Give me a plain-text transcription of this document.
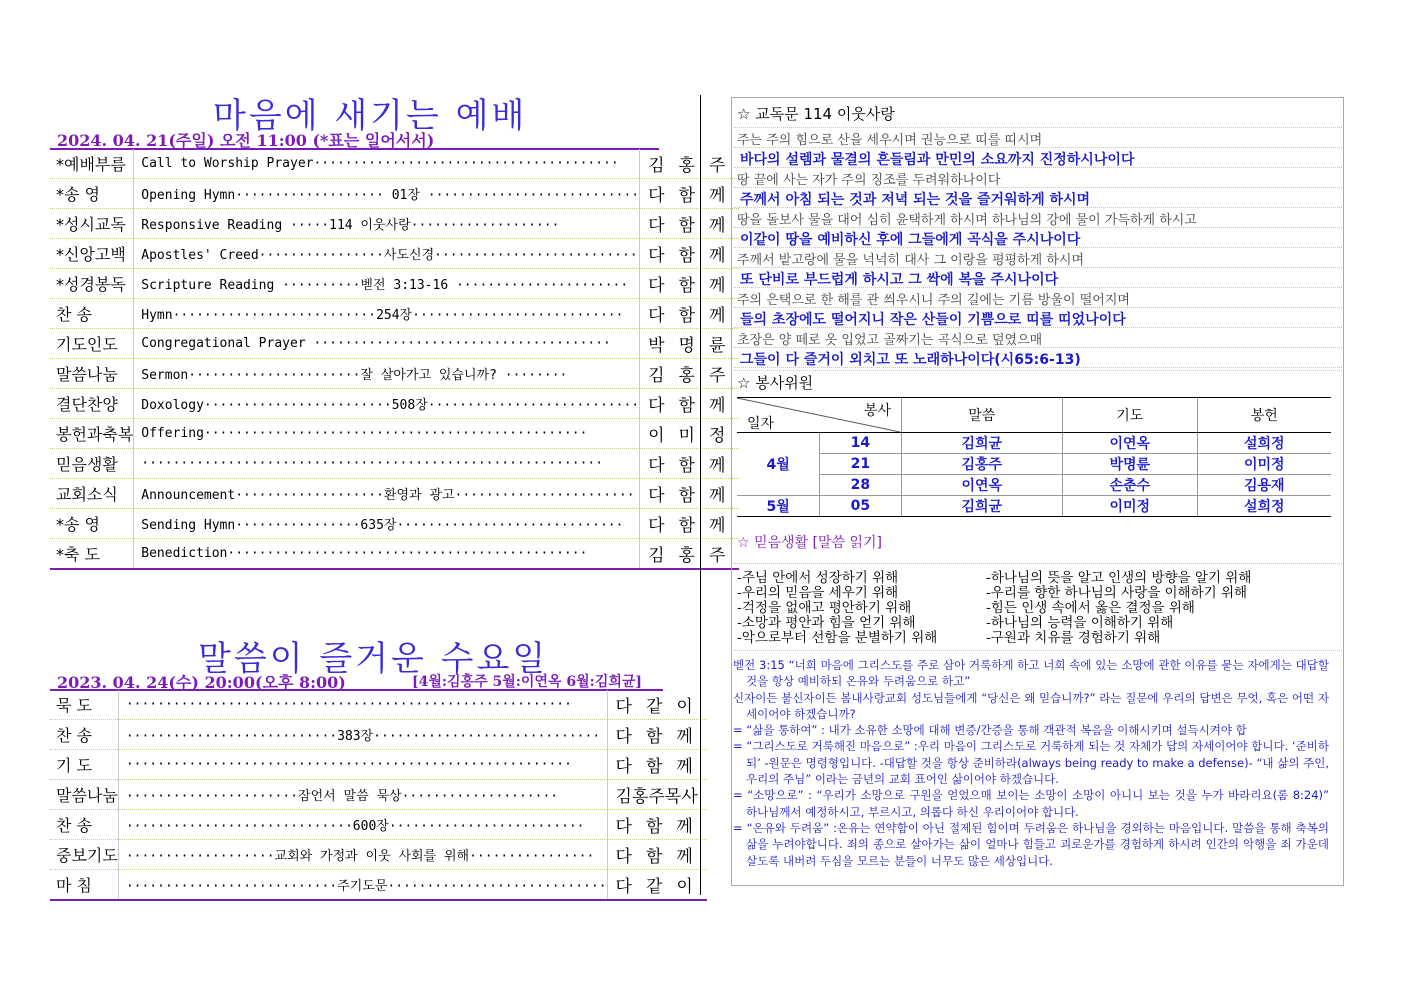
마음에 새기는 예배
2024. 04. 21(주일) 오전 11:00 (*표는 일어서서)
*예배부름	Call to Worship Prayer·······································	김홍주
*송 영	Opening Hymn··················· 01장 ···························	다함께
*성시교독	Responsive Reading ·····114 이웃사랑···················	다함께
*신앙고백	Apostles' Creed················사도신경··························	다함께
*성경봉독	Scripture Reading ··········벧전 3:13-16 ······················	다함께
찬 송	Hymn··························254장···························	다함께
기도인도	Congregational Prayer ······································	박명륜
말씀나눔	Sermon······················잘 살아가고 있습니까? ········	김홍주
결단찬양	Doxology························508장···························	다함께
봉헌과축복	Offering·················································	이미정
믿음생활	···························································	다함께
교회소식	Announcement···················환영과 광고·······················	다함께
*송 영	Sending Hymn················635장·····························	다함께
*축 도	Benediction··············································	김홍주
말씀이 즐거운 수요일
2023. 04. 24(수) 20:00(오후 8:00)	[4월:김홍주 5월:이연옥 6월:김희균]
묵 도	·························································	다같이
찬 송	···························383장·····························	다함께
기 도	·························································	다함께
말씀나눔	······················잠언서 말씀 묵상····················	김홍주목사
찬 송	·····························600장·························	다함께
중보기도	···················교회와 가정과 이웃 사회를 위해················	다함께
마 침	···························주기도문····························	다같이
☆ 교독문 114 이웃사랑
주는 주의 힘으로 산을 세우시며 권능으로 띠를 띠시며
바다의 설렘과 물결의 흔들림과 만민의 소요까지 진정하시나이다
땅 끝에 사는 자가 주의 징조를 두려워하나이다
주께서 아침 되는 것과 저녁 되는 것을 즐거워하게 하시며
땅을 돌보사 물을 대어 심히 윤택하게 하시며 하나님의 강에 물이 가득하게 하시고
이같이 땅을 예비하신 후에 그들에게 곡식을 주시나이다
주께서 밭고랑에 물을 넉넉히 대사 그 이랑을 평평하게 하시며
또 단비로 부드럽게 하시고 그 싹에 복을 주시나이다
주의 은택으로 한 해를 관 씌우시니 주의 길에는 기름 방울이 떨어지며
들의 초장에도 떨어지니 작은 산들이 기쁨으로 띠를 띠었나이다
초장은 양 떼로 옷 입었고 골짜기는 곡식으로 덮였으매
그들이 다 즐거이 외치고 또 노래하나이다(시65:6-13)
☆ 봉사위원
봉사
일자		말씀	기도	봉헌
4월	14	김희균	이연옥	설희정
	21	김홍주	박명륜	이미정
	28	이연옥	손춘수	김용재
5월	05	김희균	이미정	설희정
☆ 믿음생활 [말씀 읽기]
-주님 안에서 성장하기 위해
-우리의 믿음을 세우기 위해
-걱정을 없애고 평안하기 위해
-소망과 평안과 힘을 얻기 위해
-악으로부터 선함을 분별하기 위해
-하나님의 뜻을 알고 인생의 방향을 알기 위해
-우리를 향한 하나님의 사랑을 이해하기 위해
-힘든 인생 속에서 옳은 결정을 위해
-하나님의 능력을 이해하기 위해
-구원과 치유를 경험하기 위해

벧전 3:15 “너희 마음에 그리스도를 주로 삼아 거룩하게 하고 너희 속에 있는 소망에 관한 이유를 묻는 자에게는 대답할 것을 항상 예비하되 온유와 두려움으로 하고”

신자이든 불신자이든 봄내사랑교회 성도님들에게 “당신은 왜 믿습니까?” 라는 질문에 우리의 답변은 무엇, 혹은 어떤 자세이어야 하겠습니까?

= “삶을 통하여” : 내가 소유한 소망에 대해 변증/간증을 통해 객관적 복음을 이해시키며 설득시켜야 합

= “그리스도로 거룩해진 마음으로” :우리 마음이 그리스도로 거룩하게 되는 것 자체가 답의 자세이어야 합니다. ‘준비하되’ -원문은 명령형입니다. -대답할 것을 항상 준비하라(always being ready to make a defense)- “내 삶의 주인, 우리의 주님” 이라는 금년의 교회 표어인 삶이어야 하겠습니다.

= “소망으로” : “우리가 소망으로 구원을 얻었으매 보이는 소망이 소망이 아니니 보는 것을 누가 바라리요(롬 8:24)” 하나님께서 예정하시고, 부르시고, 의롭다 하신 우리이어야 합니다.

= “온유와 두려움” :온유는 연약함이 아닌 절제된 힘이며 두려움은 하나님을 경외하는 마음입니다. 말씀을 통해 축복의 삶을 누려야합니다. 죄의 종으로 살아가는 삶이 얼마나 힘들고 괴로운가를 경험하게 하시려 인간의 악행을 죄 가운데 살도록 내버려 두심을 모르는 분들이 너무도 많은 세상입니다.
